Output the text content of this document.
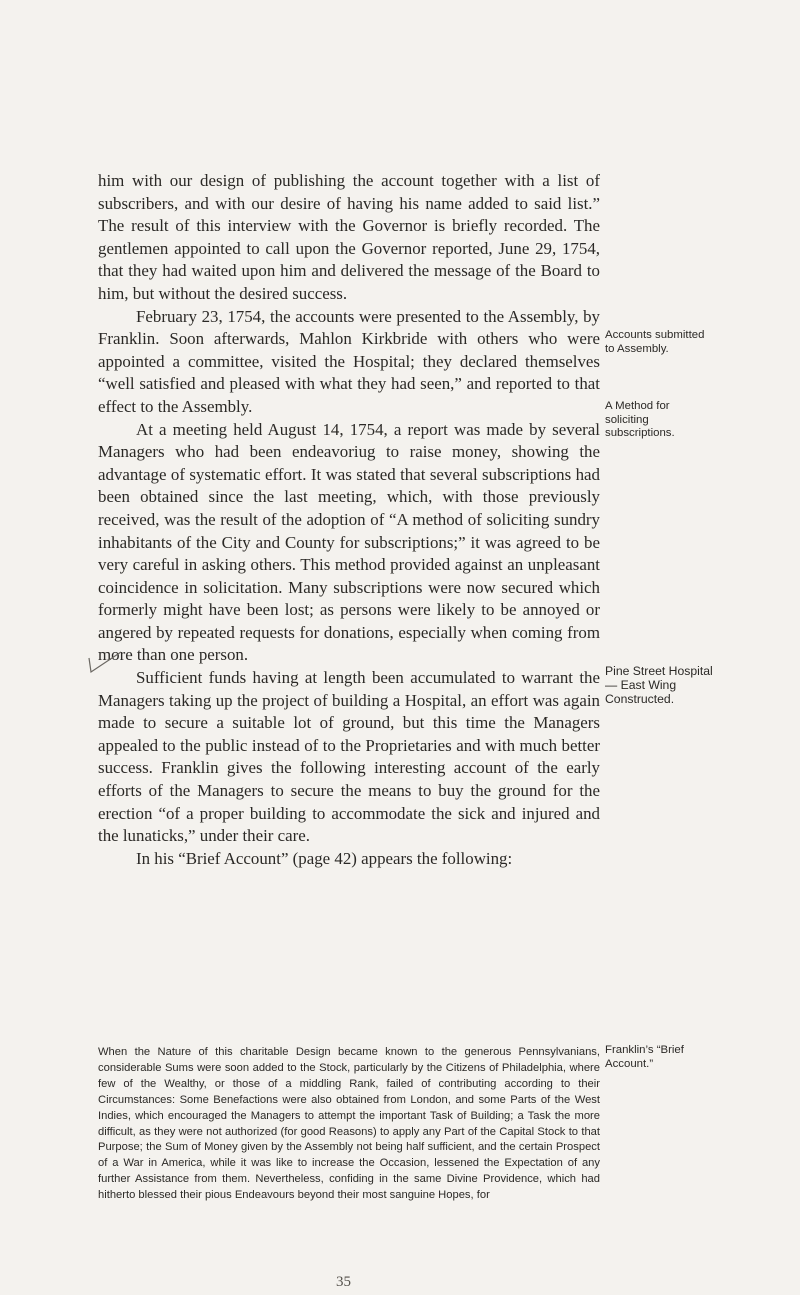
him with our design of publishing the account together with a list of subscribers, and with our desire of having his name added to said list.” The result of this interview with the Governor is briefly recorded. The gentlemen appointed to call upon the Governor reported, June 29, 1754, that they had waited upon him and delivered the message of the Board to him, but without the desired success.

February 23, 1754, the accounts were presented to the Assembly, by Franklin. Soon afterwards, Mahlon Kirkbride with others who were appointed a committee, visited the Hospital; they declared themselves “well satisfied and pleased with what they had seen,” and reported to that effect to the Assembly.

At a meeting held August 14, 1754, a report was made by several Managers who had been endeavoriug to raise money, showing the advantage of systematic effort. It was stated that several subscriptions had been obtained since the last meeting, which, with those previously received, was the result of the adoption of “A method of soliciting sundry inhabitants of the City and County for subscriptions;” it was agreed to be very careful in asking others. This method provided against an unpleasant coincidence in solicitation. Many subscriptions were now secured which formerly might have been lost; as persons were likely to be annoyed or angered by repeated requests for donations, especially when coming from more than one person.

Sufficient funds having at length been accumulated to warrant the Managers taking up the project of building a Hospital, an effort was again made to secure a suitable lot of ground, but this time the Managers appealed to the public instead of to the Proprietaries and with much better success. Franklin gives the following interesting account of the early efforts of the Managers to secure the means to buy the ground for the erection “of a proper building to accommodate the sick and injured and the lunaticks,” under their care.

In his “Brief Account” (page 42) appears the following:

Accounts submitted to Assembly.
A Method for soliciting subscriptions.
Pine Street Hospital— East Wing Constructed.
Franklin’s “Brief Account.”

When the Nature of this charitable Design became known to the generous Pennsylvanians, considerable Sums were soon added to the Stock, particularly by the Citizens of Philadelphia, where few of the Wealthy, or those of a middling Rank, failed of contributing according to their Circumstances: Some Benefactions were also obtained from London, and some Parts of the West Indies, which encouraged the Managers to attempt the important Task of Building; a Task the more difficult, as they were not authorized (for good Reasons) to apply any Part of the Capital Stock to that Purpose; the Sum of Money given by the Assembly not being half sufficient, and the certain Prospect of a War in America, while it was like to increase the Occasion, lessened the Expectation of any further Assistance from them. Nevertheless, confiding in the same Divine Providence, which had hitherto blessed their pious Endeavours beyond their most sanguine Hopes, for

35
